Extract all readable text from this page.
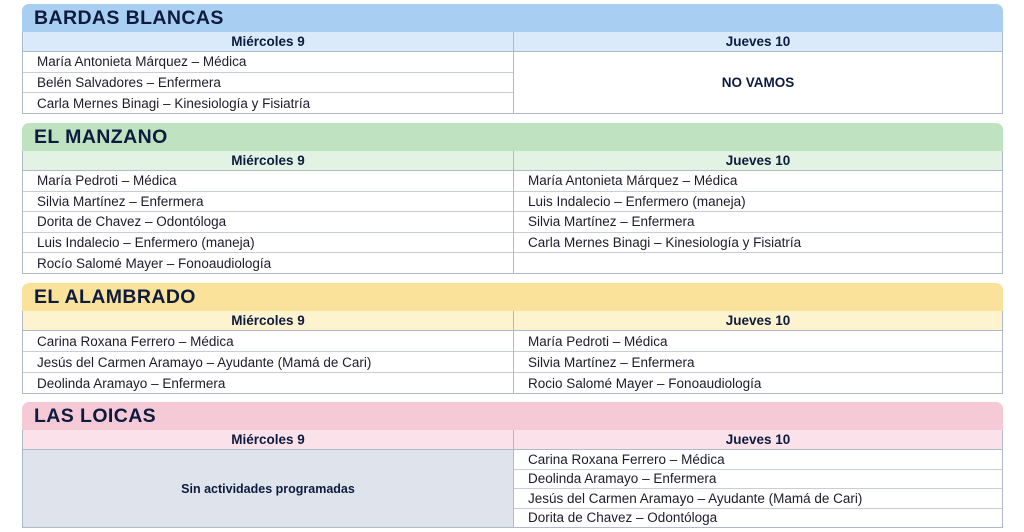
BARDAS BLANCAS
Miércoles 9
María Antonieta Márquez – Médica
Belén Salvadores – Enfermera
Carla Mernes Binagi – Kinesiología y Fisiatría
Jueves 10
NO VAMOS
EL MANZANO
Miércoles 9
María Pedroti – Médica
Silvia Martínez – Enfermera
Dorita de Chavez – Odontóloga
Luis Indalecio – Enfermero (maneja)
Rocío Salomé Mayer – Fonoaudiología
Jueves 10
María Antonieta Márquez – Médica
Luis Indalecio – Enfermero (maneja)
Silvia Martínez – Enfermera
Carla Mernes Binagi – Kinesiología y Fisiatría
EL ALAMBRADO
Miércoles 9
Carina Roxana Ferrero – Médica
Jesús del Carmen Aramayo – Ayudante (Mamá de Cari)
Deolinda Aramayo – Enfermera
Jueves 10
María Pedroti – Médica
Silvia Martínez – Enfermera
Rocio Salomé Mayer – Fonoaudiología
LAS LOICAS
Miércoles 9
Sin actividades programadas
Jueves 10
Carina Roxana Ferrero – Médica
Deolinda Aramayo – Enfermera
Jesús del Carmen Aramayo – Ayudante (Mamá de Cari)
Dorita de Chavez – Odontóloga
